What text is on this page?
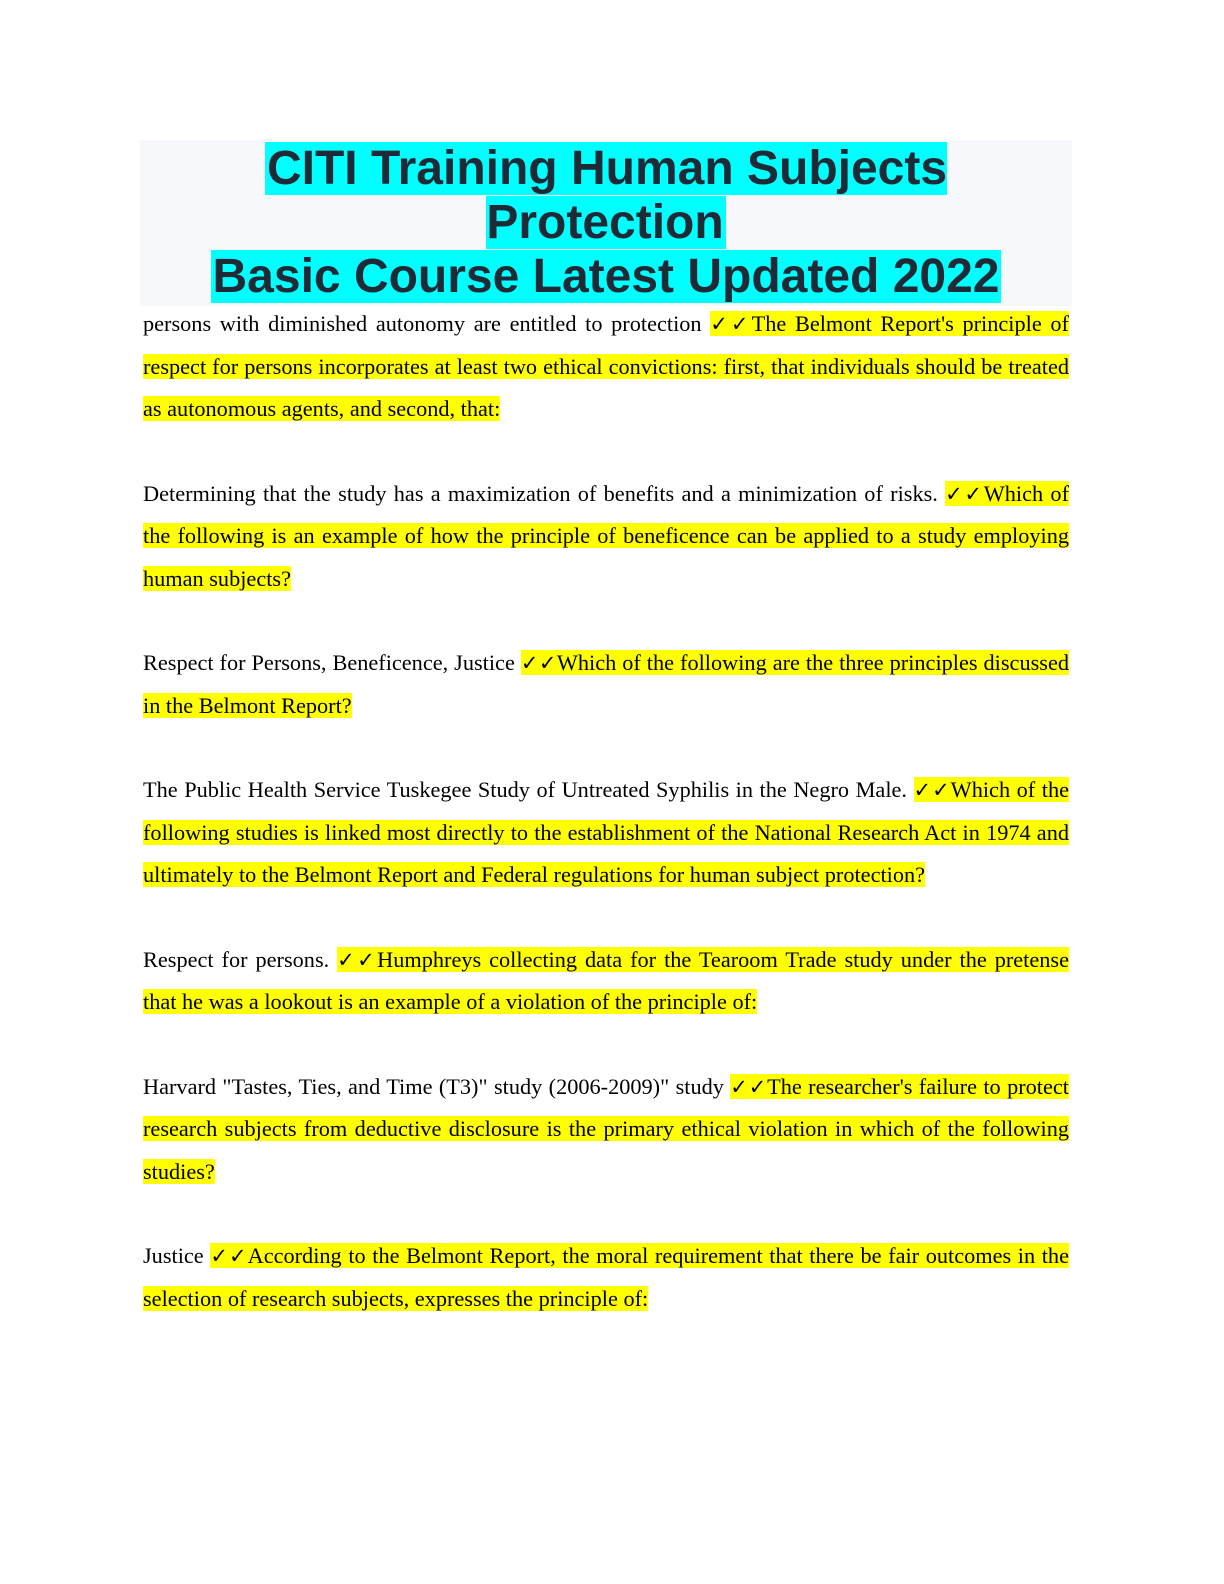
CITI Training Human Subjects Protection
Basic Course Latest Updated 2022

persons with diminished autonomy are entitled to protection ✓✓The Belmont Report's principle of respect for persons incorporates at least two ethical convictions: first, that individuals should be treated as autonomous agents, and second, that:

Determining that the study has a maximization of benefits and a minimization of risks. ✓✓Which of the following is an example of how the principle of beneficence can be applied to a study employing human subjects?

Respect for Persons, Beneficence, Justice ✓✓Which of the following are the three principles discussed in the Belmont Report?

The Public Health Service Tuskegee Study of Untreated Syphilis in the Negro Male. ✓✓Which of the following studies is linked most directly to the establishment of the National Research Act in 1974 and ultimately to the Belmont Report and Federal regulations for human subject protection?

Respect for persons. ✓✓Humphreys collecting data for the Tearoom Trade study under the pretense that he was a lookout is an example of a violation of the principle of:

Harvard "Tastes, Ties, and Time (T3)" study (2006-2009)" study ✓✓The researcher's failure to protect research subjects from deductive disclosure is the primary ethical violation in which of the following studies?

Justice ✓✓According to the Belmont Report, the moral requirement that there be fair outcomes in the selection of research subjects, expresses the principle of:
